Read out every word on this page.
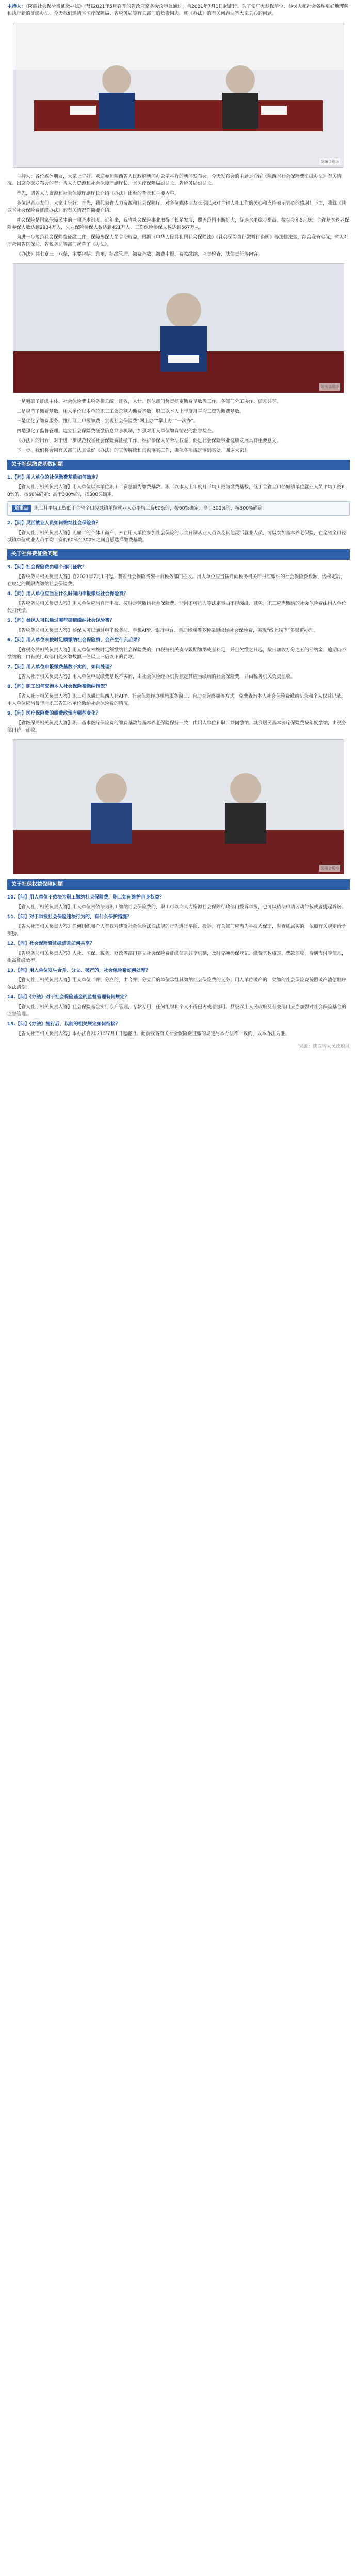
主持人：《陕西社会保险费征缴办法》已经2021年5月召开的省政府常务会议审议通过，自2021年7月1日起施行。为了使广大参保单位、参保人和社会各界更好地理解和执行新的征缴办法，今天我们邀请省医疗保障局、省税务局等有关部门的负责同志，就《办法》的有关问题回答大家关心的问题。

发布会现场

主持人：各位媒体朋友，大家上午好！欢迎参加陕西省人民政府新闻办公室举行的新闻发布会。今天发布会的主题是介绍《陕西省社会保险费征缴办法》有关情况。出席今天发布会的有：省人力资源和社会保障厅副厅长、省医疗保障局副局长、省税务局副局长。

首先，请省人力资源和社会保障厅副厅长介绍《办法》出台的背景和主要内容。

各位记者朋友们：大家上午好！首先，我代表省人力资源和社会保障厅，对各位媒体朋友长期以来对全省人社工作的关心和支持表示衷心的感谢！下面，我就《陕西省社会保险费征缴办法》的有关情况作简要介绍。

社会保险是国家保障民生的一项基本制度。近年来，我省社会保险事业取得了长足发展，覆盖范围不断扩大，待遇水平稳步提高。截至今年5月底，全省基本养老保险参保人数达到2934万人，失业保险参保人数达到421万人，工伤保险参保人数达到567万人。

为进一步规范社会保险费征缴工作，保障参保人员合法权益，根据《中华人民共和国社会保险法》《社会保险费征缴暂行条例》等法律法规，结合我省实际，省人社厅会同省医保局、省税务局等部门起草了《办法》。

《办法》共七章三十八条，主要包括：总则、征缴管理、缴费基数、缴费申报、费款缴纳、监督检查、法律责任等内容。

发布会现场

一是明确了征缴主体。社会保险费由税务机关统一征收，人社、医保部门负责核定缴费基数等工作，各部门分工协作、信息共享。

二是规范了缴费基数。用人单位以本单位职工工资总额为缴费基数，职工以本人上年度月平均工资为缴费基数。

三是优化了缴费服务。推行网上申报缴费，实现社会保险费“网上办”“掌上办”“一次办”。

四是强化了监督管理。建立社会保险费征缴信息共享机制，加强对用人单位缴费情况的监督检查。

《办法》的出台，对于进一步规范我省社会保险费征缴工作、维护参保人员合法权益、促进社会保险事业健康发展具有重要意义。

下一步，我们将会同有关部门认真做好《办法》的宣传解读和贯彻落实工作，确保各项规定落到实处。谢谢大家！

关于社保缴费基数问题

1.【问】用人单位的社保缴费基数如何确定？

【省人社厅相关负责人答】用人单位以本单位职工工资总额为缴费基数。职工以本人上年度月平均工资为缴费基数，低于全省全口径城镇单位就业人员平均工资60%的，按60%确定；高于300%的，按300%确定。

划重点 职工月平均工资低于全省全口径城镇单位就业人员平均工资60%的，按60%确定；高于300%的，按300%确定。

2.【问】灵活就业人员如何缴纳社会保险费？

【省人社厅相关负责人答】无雇工的个体工商户、未在用人单位参加社会保险的非全日制从业人员以及其他灵活就业人员，可以参加基本养老保险，在全省全口径城镇单位就业人员平均工资的60%至300%之间自愿选择缴费基数。

关于社保费征缴问题

3.【问】社会保险费由哪个部门征收？

【省税务局相关负责人答】自2021年7月1日起，我省社会保险费统一由税务部门征收。用人单位应当按月向税务机关申报应缴纳的社会保险费数额，经核定后，在规定的期限内缴纳社会保险费。

4.【问】用人单位应当在什么时间内申报缴纳社会保险费？

【省税务局相关负责人答】用人单位应当自行申报、按时足额缴纳社会保险费，非因不可抗力等法定事由不得缓缴、减免。职工应当缴纳的社会保险费由用人单位代扣代缴。

5.【问】参保人可以通过哪些渠道缴纳社会保险费？

【省税务局相关负责人答】参保人可以通过电子税务局、手机APP、银行柜台、自助终端等多种渠道缴纳社会保险费，实现“线上线下”多渠道办理。

6.【问】用人单位未按时足额缴纳社会保险费，会产生什么后果？

【省税务局相关负责人答】用人单位未按时足额缴纳社会保险费的，由税务机关责令限期缴纳或者补足，并自欠缴之日起，按日加收万分之五的滞纳金；逾期仍不缴纳的，由有关行政部门处欠缴数额一倍以上三倍以下的罚款。

7.【问】用人单位申报缴费基数不实的，如何处理？

【省人社厅相关负责人答】用人单位申报缴费基数不实的，由社会保险经办机构核定其应当缴纳的社会保险费，并由税务机关负责征收。

8.【问】职工如何查询本人社会保险费缴纳情况？

【省人社厅相关负责人答】职工可以通过陕西人社APP、社会保险经办机构服务窗口、自助查询终端等方式，免费查询本人社会保险费缴纳记录和个人权益记录。用人单位应当每年向职工告知本单位缴纳社会保险费的情况。

9.【问】医疗保险费的缴费政策有哪些变化？

【省医保局相关负责人答】职工基本医疗保险费的缴费基数与基本养老保险保持一致，由用人单位和职工共同缴纳。城乡居民基本医疗保险费按年度缴纳，由税务部门统一征收。

发布会现场
关于社保权益保障问题

10.【问】用人单位不依法为职工缴纳社会保险费，职工如何维护自身权益？

【省人社厅相关负责人答】用人单位未依法为职工缴纳社会保险费的，职工可以向人力资源社会保障行政部门投诉举报，也可以依法申请劳动仲裁或者提起诉讼。

11.【问】对于举报社会保险违法行为的，有什么保护措施？

【省人社厅相关负责人答】任何组织和个人有权对违反社会保险法律法规的行为进行举报、投诉。有关部门应当为举报人保密，对查证属实的，依照有关规定给予奖励。

12.【问】社会保险费征缴信息如何共享？

【省税务局相关负责人答】人社、医保、税务、财政等部门建立社会保险费征缴信息共享机制，及时交换参保登记、缴费基数核定、费款征收、待遇支付等信息，提高征缴效率。

13.【问】用人单位发生合并、分立、破产的，社会保险费如何处理？

【省人社厅相关负责人答】用人单位合并、分立的，由合并、分立后的单位承继其缴纳社会保险费的义务；用人单位破产的，欠缴的社会保险费按照破产清偿顺序依法清偿。

14.【问】《办法》对于社会保险基金的监督管理有何规定？

【省人社厅相关负责人答】社会保险基金实行专户管理，专款专用，任何组织和个人不得侵占或者挪用。县级以上人民政府及有关部门应当加强对社会保险基金的监督管理。

15.【问】《办法》施行后，以前的相关规定如何衔接？

【省人社厅相关负责人答】本办法自2021年7月1日起施行。此前我省有关社会保险费征缴的规定与本办法不一致的，以本办法为准。

来源：陕西省人民政府网
